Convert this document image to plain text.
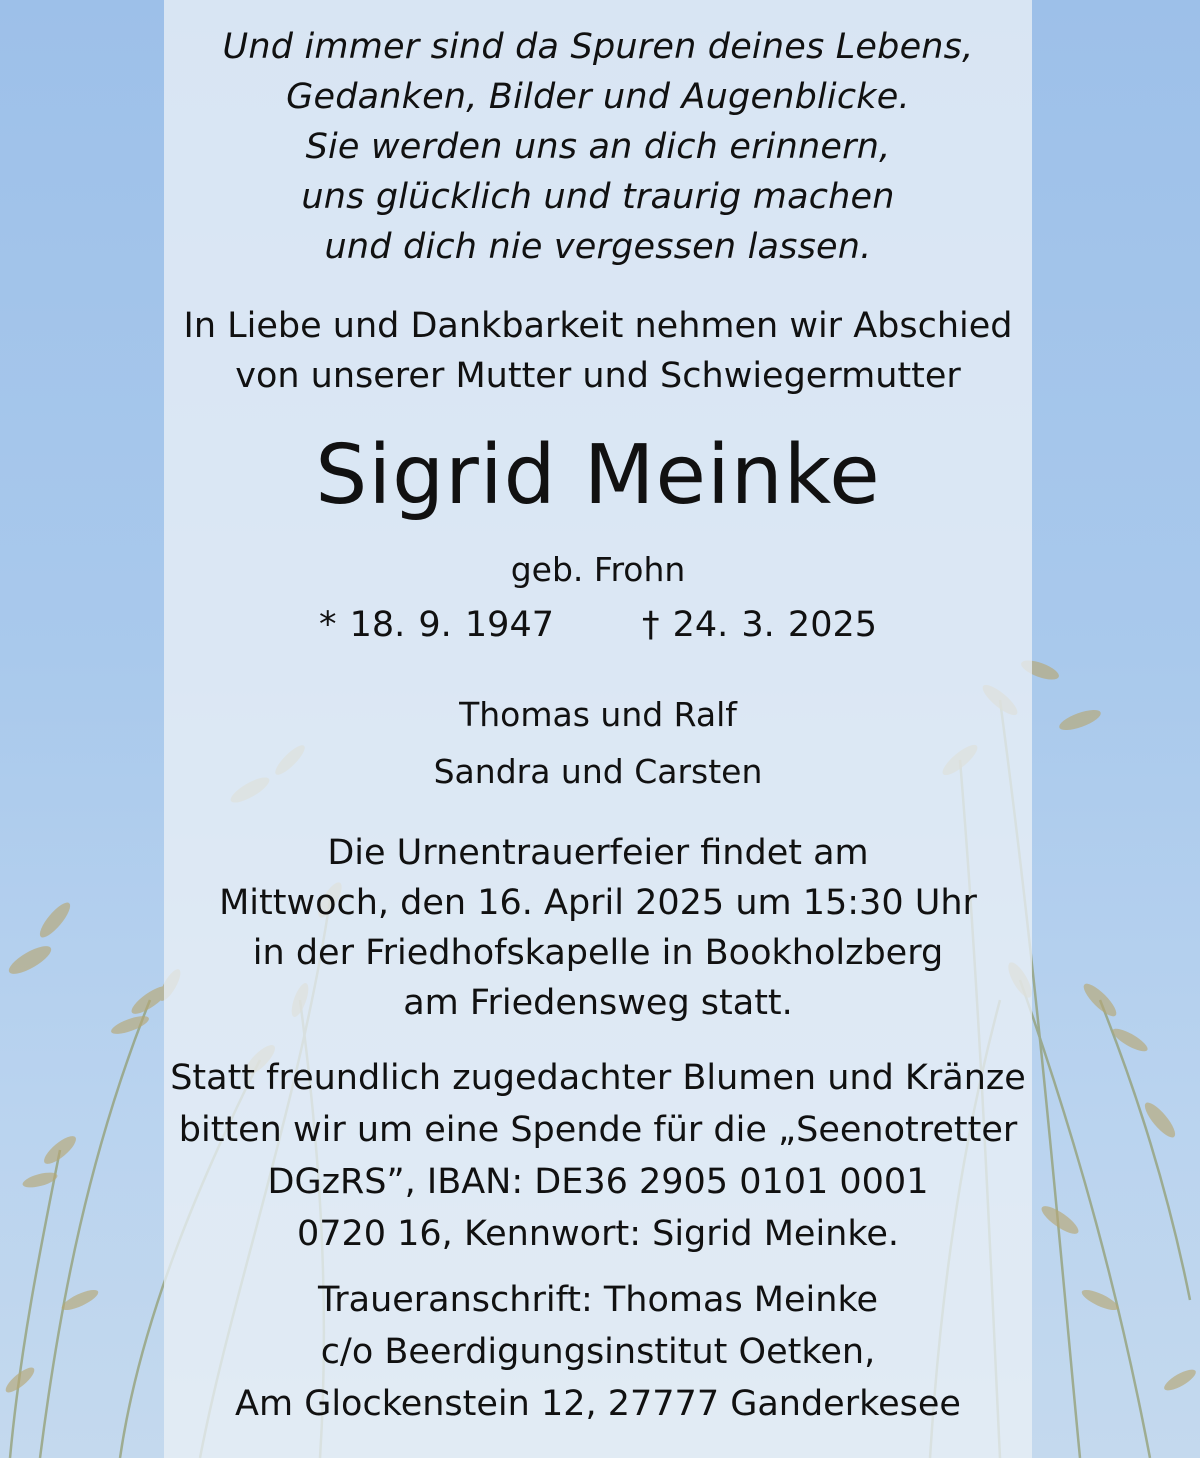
Und immer sind da Spuren deines Lebens,
Gedanken, Bilder und Augenblicke.
Sie werden uns an dich erinnern,
uns glücklich und traurig machen
und dich nie vergessen lassen.
In Liebe und Dankbarkeit nehmen wir Abschied
von unserer Mutter und Schwiegermutter
Sigrid Meinke
geb. Frohn
* 18. 9. 1947	† 24. 3. 2025
Thomas und Ralf
Sandra und Carsten
Die Urnentrauerfeier findet am
Mittwoch, den 16. April 2025 um 15:30 Uhr
in der Friedhofskapelle in Bookholzberg
am Friedensweg statt.
Statt freundlich zugedachter Blumen und Kränze
bitten wir um eine Spende für die „Seenotretter
DGzRS”, IBAN: DE36 2905 0101 0001
0720 16, Kennwort: Sigrid Meinke.
Traueranschrift: Thomas Meinke
c/o Beerdigungsinstitut Oetken,
Am Glockenstein 12, 27777 Ganderkesee
